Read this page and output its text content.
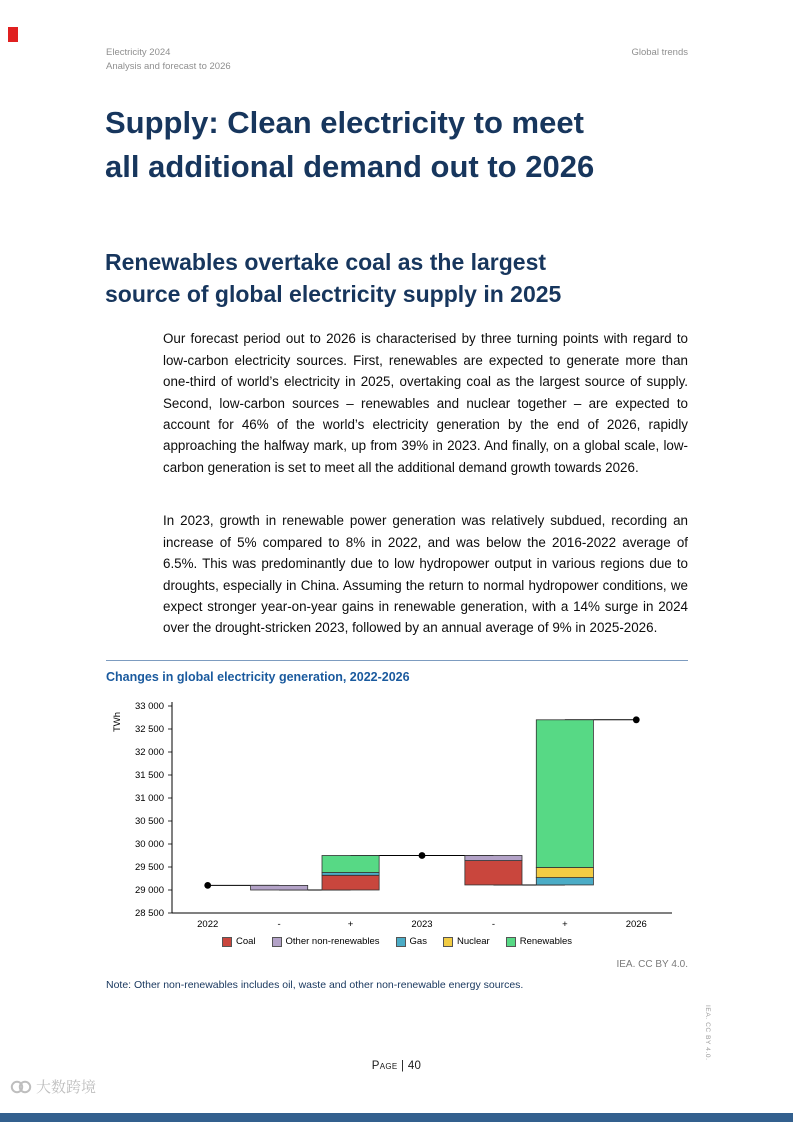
Electricity 2024
Analysis and forecast to 2026
Global trends
Supply: Clean electricity to meet
all additional demand out to 2026
Renewables overtake coal as the largest
source of global electricity supply in 2025

Our forecast period out to 2026 is characterised by three turning points with regard to low-carbon electricity sources. First, renewables are expected to generate more than one-third of world’s electricity in 2025, overtaking coal as the largest source of supply. Second, low-carbon sources – renewables and nuclear together – are expected to account for 46% of the world’s electricity generation by the end of 2026, rapidly approaching the halfway mark, up from 39% in 2023. And finally, on a global scale, low-carbon generation is set to meet all the additional demand growth towards 2026.

In 2023, growth in renewable power generation was relatively subdued, recording an increase of 5% compared to 8% in 2022, and was below the 2016-2022 average of 6.5%. This was predominantly due to low hydropower output in various regions due to droughts, especially in China. Assuming the return to normal hydropower conditions, we expect stronger year-on-year gains in renewable generation, with a 14% surge in 2024 over the drought-stricken 2023, followed by an annual average of 9% in 2025-2026.

Changes in global electricity generation, 2022-2026
28 500
29 000
29 500
30 000
30 500
31 000
31 500
32 000
32 500
33 000
2022	-	+	2023	-	+	2026
TWh
Coal	Other non-renewables	Gas	Nuclear	Renewables
IEA. CC BY 4.0.
Note: Other non-renewables includes oil, waste and other non-renewable energy sources.
Page | 40
IEA. CC BY 4.0.
大数跨境
